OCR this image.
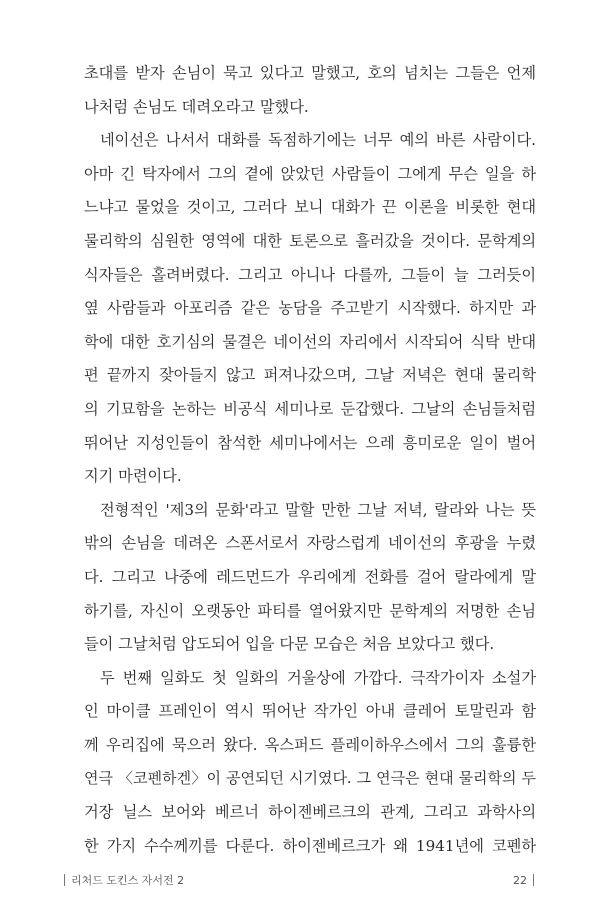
초대를 받자 손님이 묵고 있다고 말했고, 호의 넘치는 그들은 언제
나처럼 손님도 데려오라고 말했다.
네이선은 나서서 대화를 독점하기에는 너무 예의 바른 사람이다.
아마 긴 탁자에서 그의 곁에 앉았던 사람들이 그에게 무슨 일을 하
느냐고 물었을 것이고, 그러다 보니 대화가 끈 이론을 비롯한 현대
물리학의 심원한 영역에 대한 토론으로 흘러갔을 것이다. 문학계의
식자들은 홀려버렸다. 그리고 아니나 다를까, 그들이 늘 그러듯이
옆 사람들과 아포리즘 같은 농담을 주고받기 시작했다. 하지만 과
학에 대한 호기심의 물결은 네이선의 자리에서 시작되어 식탁 반대
편 끝까지 잦아들지 않고 퍼져나갔으며, 그날 저녁은 현대 물리학
의 기묘함을 논하는 비공식 세미나로 둔갑했다. 그날의 손님들처럼
뛰어난 지성인들이 참석한 세미나에서는 으레 흥미로운 일이 벌어
지기 마련이다.
전형적인 '제3의 문화'라고 말할 만한 그날 저녁, 랄라와 나는 뜻
밖의 손님을 데려온 스폰서로서 자랑스럽게 네이선의 후광을 누렸
다. 그리고 나중에 레드먼드가 우리에게 전화를 걸어 랄라에게 말
하기를, 자신이 오랫동안 파티를 열어왔지만 문학계의 저명한 손님
들이 그날처럼 압도되어 입을 다문 모습은 처음 보았다고 했다.
두 번째 일화도 첫 일화의 거울상에 가깝다. 극작가이자 소설가
인 마이클 프레인이 역시 뛰어난 작가인 아내 클레어 토말린과 함
께 우리집에 묵으러 왔다. 옥스퍼드 플레이하우스에서 그의 훌륭한
연극 〈코펜하겐〉이 공연되던 시기였다. 그 연극은 현대 물리학의 두
거장 닐스 보어와 베르너 하이젠베르크의 관계, 그리고 과학사의
한 가지 수수께끼를 다룬다. 하이젠베르크가 왜 1941년에 코펜하
리처드 도킨스 자서전 2	22
